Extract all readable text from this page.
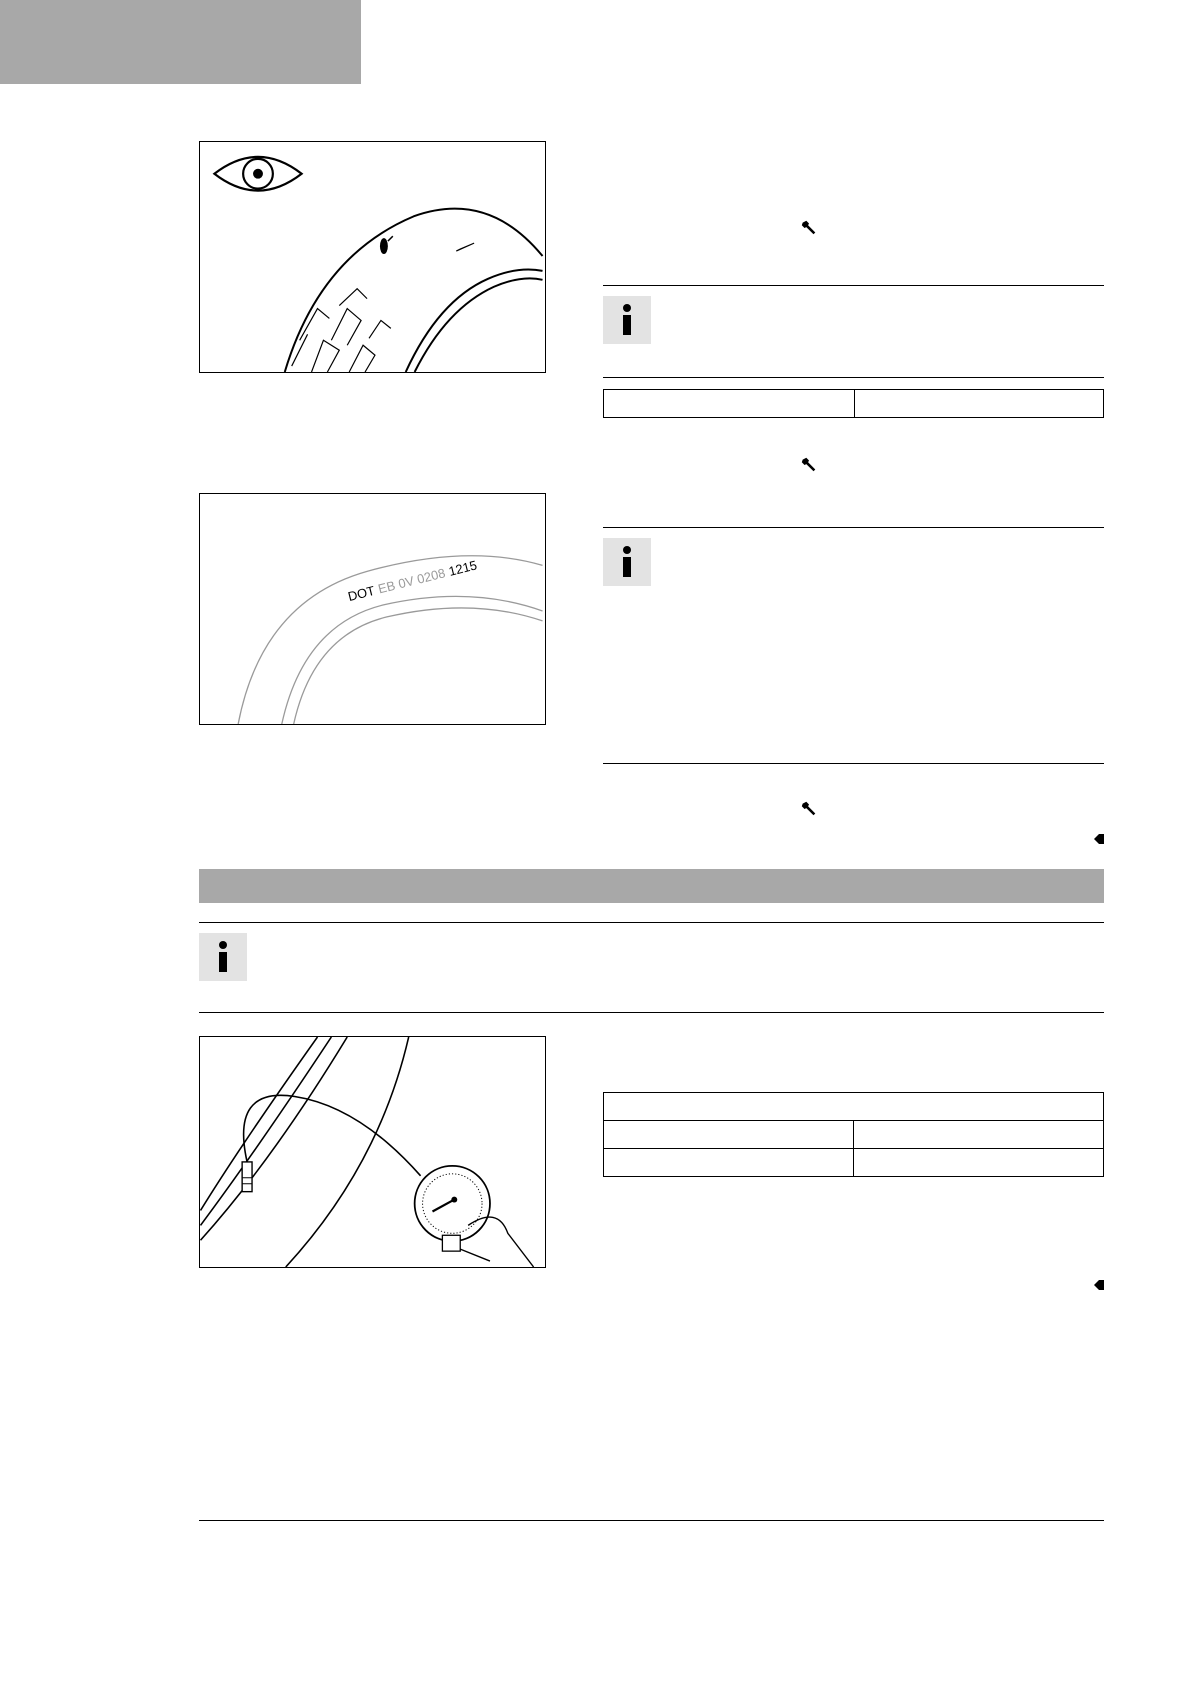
DOTEB 0V 02081215
